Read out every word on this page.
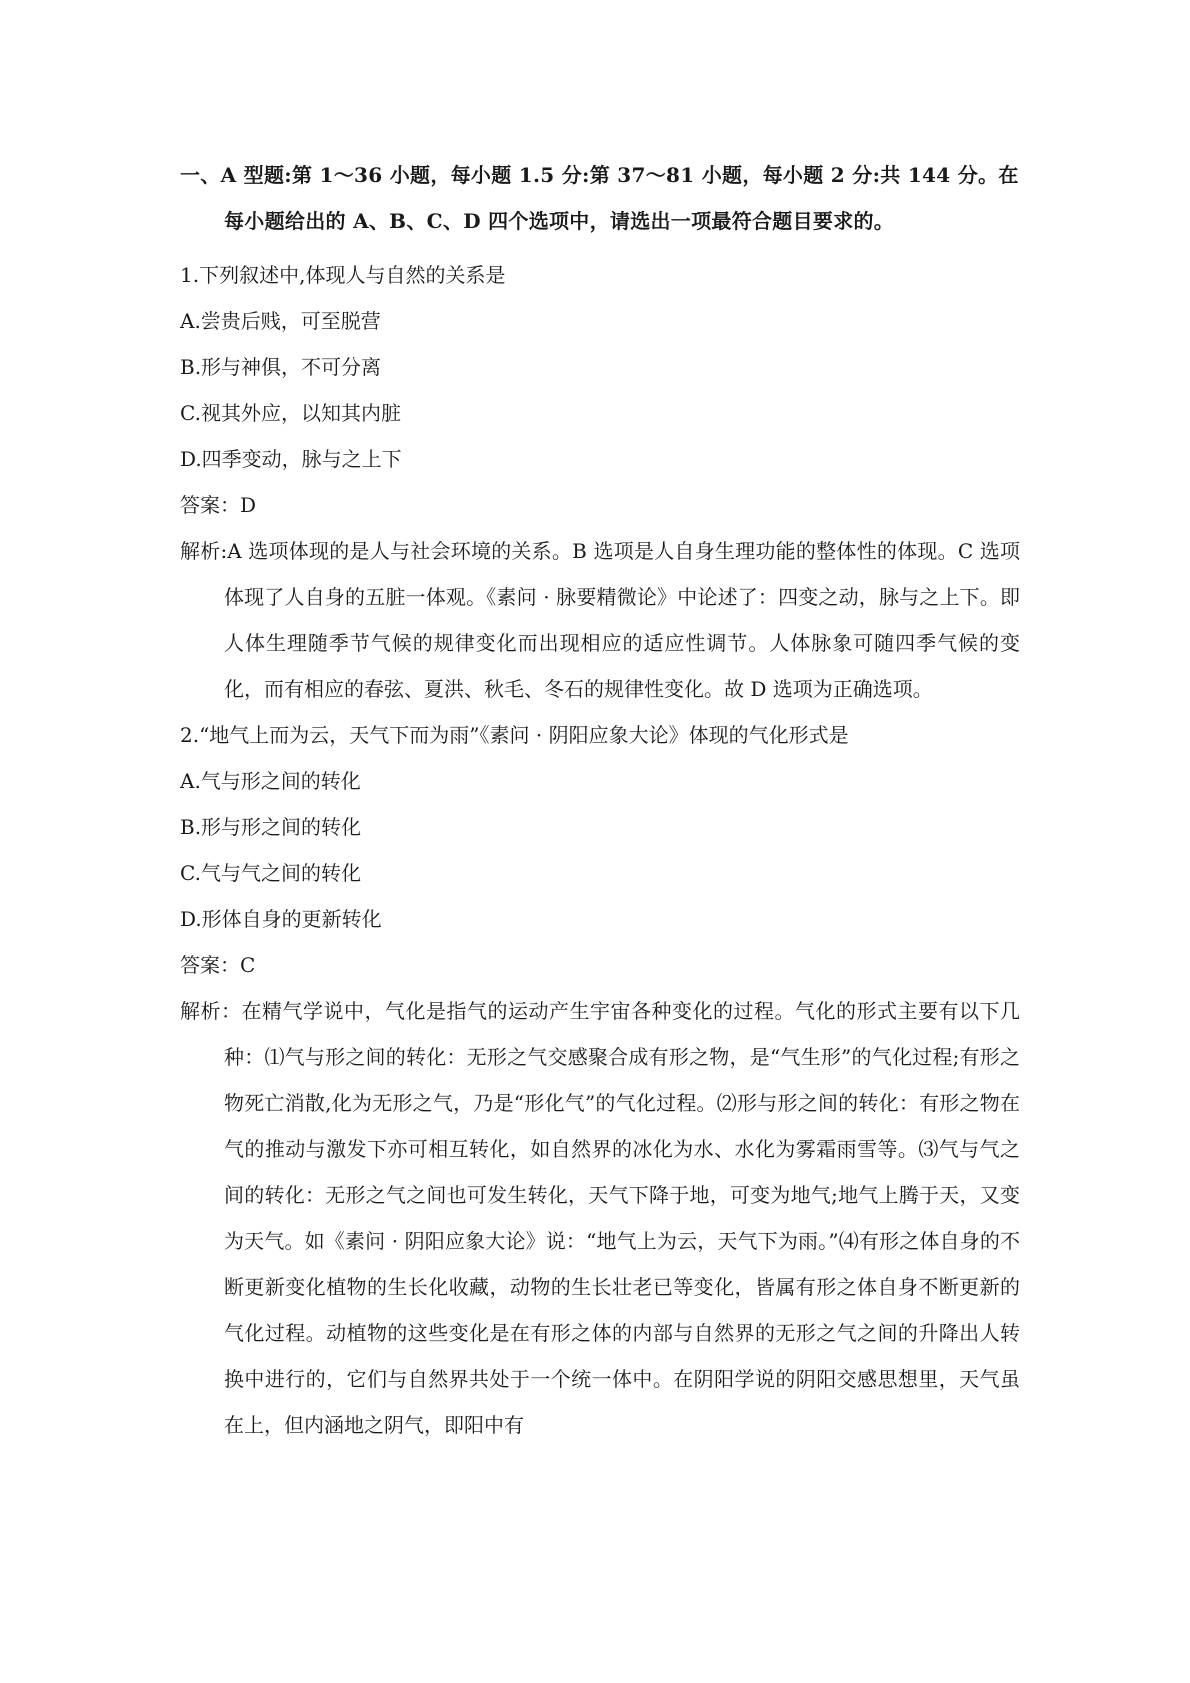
一、A 型题:第 1～36 小题，每小题 1.5 分:第 37～81 小题，每小题 2 分:共 144 分。在每小题给出的 A、B、C、D 四个选项中，请选出一项最符合题目要求的。

1.下列叙述中,体现人与自然的关系是

A.尝贵后贱，可至脱营

B.形与神俱，不可分离

C.视其外应，以知其内脏

D.四季变动，脉与之上下

答案：D

解析:A 选项体现的是人与社会环境的关系。B 选项是人自身生理功能的整体性的体现。C 选项体现了人自身的五脏一体观。《素问 · 脉要精微论》中论述了：四变之动，脉与之上下。即人体生理随季节气候的规律变化而出现相应的适应性调节。人体脉象可随四季气候的变化，而有相应的春弦、夏洪、秋毛、冬石的规律性变化。故 D 选项为正确选项。

2.“地气上而为云，天气下而为雨”《素问 · 阴阳应象大论》体现的气化形式是

A.气与形之间的转化

B.形与形之间的转化

C.气与气之间的转化

D.形体自身的更新转化

答案：C

解析：在精气学说中，气化是指气的运动产生宇宙各种变化的过程。气化的形式主要有以下几种：⑴气与形之间的转化：无形之气交感聚合成有形之物，是“气生形”的气化过程;有形之物死亡消散,化为无形之气，乃是“形化气”的气化过程。⑵形与形之间的转化：有形之物在气的推动与激发下亦可相互转化，如自然界的冰化为水、水化为雾霜雨雪等。⑶气与气之间的转化：无形之气之间也可发生转化，天气下降于地，可变为地气;地气上腾于天，又变为天气。如《素问 · 阴阳应象大论》说：“地气上为云，天气下为雨。”⑷有形之体自身的不断更新变化植物的生长化收藏，动物的生长壮老已等变化，皆属有形之体自身不断更新的气化过程。动植物的这些变化是在有形之体的内部与自然界的无形之气之间的升降出人转换中进行的，它们与自然界共处于一个统一体中。在阴阳学说的阴阳交感思想里，天气虽在上，但内涵地之阴气，即阳中有
